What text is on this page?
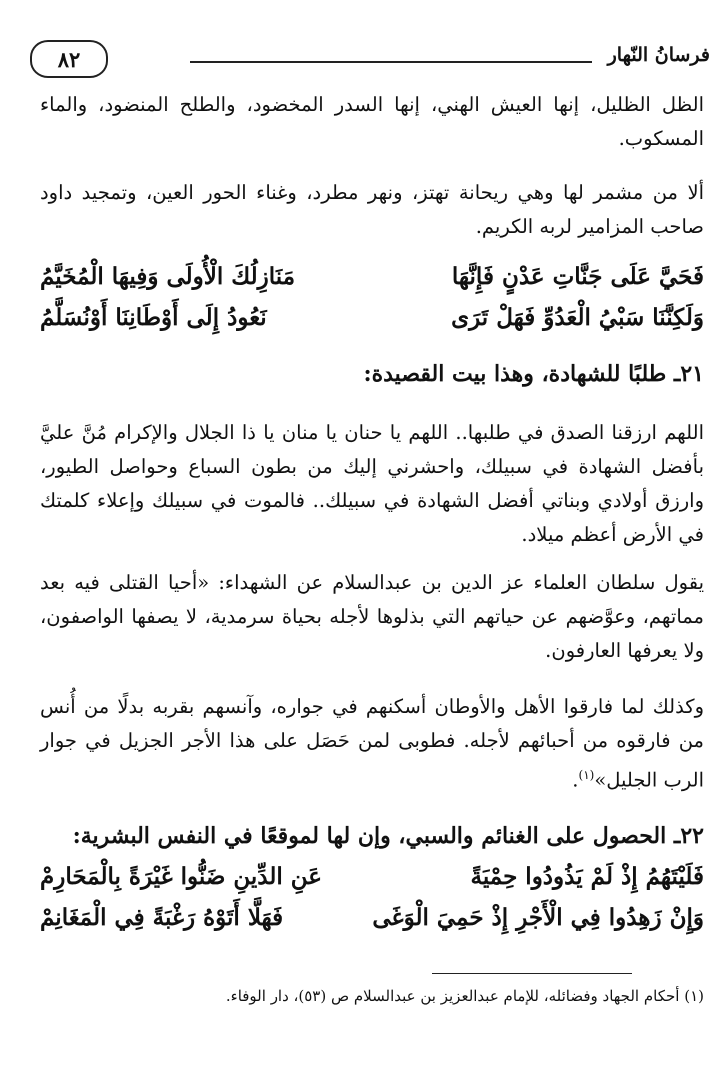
٨٢	فرسانُ النّهار

الظل الظليل، إنها العيش الهني، إنها السدر المخضود، والطلح المنضود، والماء المسكوب.

ألا من مشمر لها وهي ريحانة تهتز، ونهر مطرد، وغناء الحور العين، وتمجيد داود صاحب المزامير لربه الكريم.

فَحَيَّ عَلَى جَنَّاتِ عَدْنٍ فَإِنَّهَا
مَنَازِلُكَ الْأُولَى وَفِيهَا الْمُخَيَّمُ
وَلَكِنَّنَا سَبْيُ الْعَدُوِّ فَهَلْ تَرَى
نَعُودُ إِلَى أَوْطَانِنَا أَوْنُسَلَّمُ
٢١ـ طلبًا للشهادة، وهذا بيت القصيدة:

اللهم ارزقنا الصدق في طلبها.. اللهم يا حنان يا منان يا ذا الجلال والإكرام مُنَّ عليَّ بأفضل الشهادة في سبيلك، واحشرني إليك من بطون السباع وحواصل الطيور، وارزق أولادي وبناتي أفضل الشهادة في سبيلك.. فالموت في سبيلك وإعلاء كلمتك في الأرض أعظم ميلاد.

يقول سلطان العلماء عز الدين بن عبدالسلام عن الشهداء: «أحيا القتلى فيه بعد مماتهم، وعوَّضهم عن حياتهم التي بذلوها لأجله بحياة سرمدية، لا يصفها الواصفون، ولا يعرفها العارفون.

وكذلك لما فارقوا الأهل والأوطان أسكنهم في جواره، وآنسهم بقربه بدلًا من أُنس من فارقوه من أحبائهم لأجله. فطوبى لمن حَصَل على هذا الأجر الجزيل في جوار الرب الجليل»$^{(١)}$.

٢٢ـ الحصول على الغنائم والسبي، وإن لها لموقعًا في النفس البشرية:
فَلَيْتَهُمُ إِذْ لَمْ يَذُودُوا حِمْيَةً
عَنِ الدِّينِ ضَنُّوا غَيْرَةً بِالْمَحَارِمْ
وَإِنْ زَهِدُوا فِي الْأَجْرِ إِذْ حَمِيَ الْوَغَى
فَهَلَّا أَتَوْهُ رَغْبَةً فِي الْمَغَانِمْ
(١) أحكام الجهاد وفضائله، للإمام عبدالعزيز بن عبدالسلام ص (٥٣)، دار الوفاء.
